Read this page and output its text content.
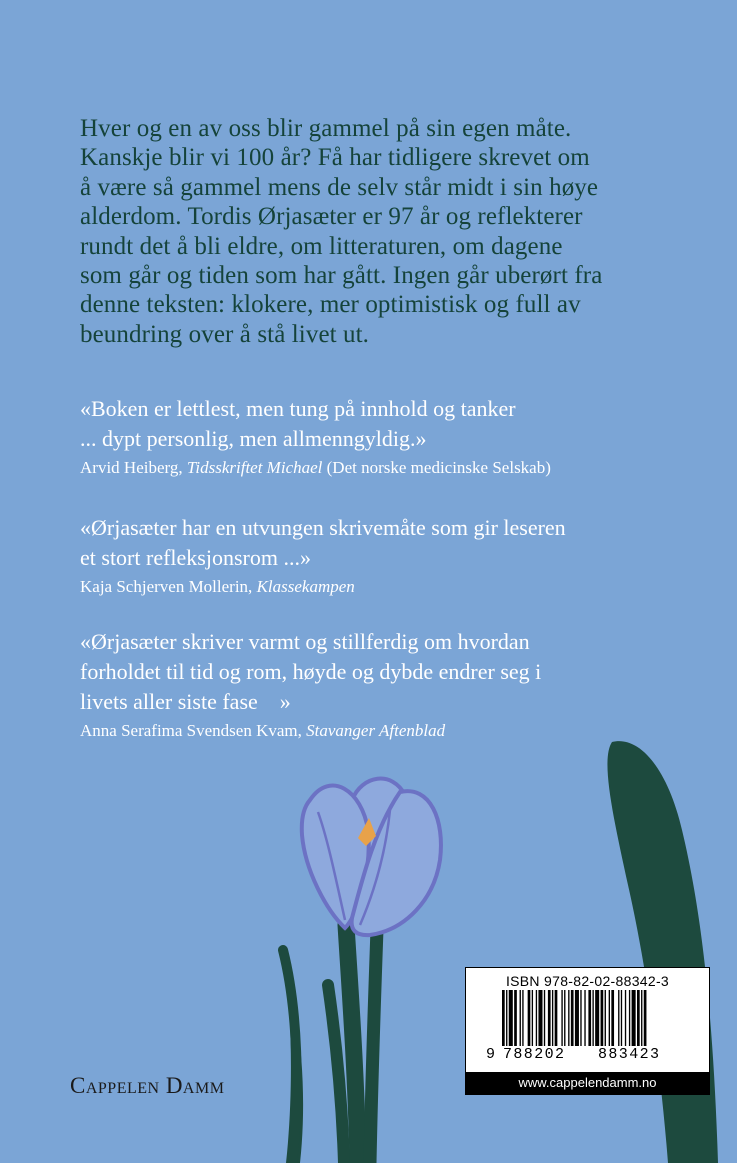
Hver og en av oss blir gammel på sin egen måte.
Kanskje blir vi 100 år? Få har tidligere skrevet om
å være så gammel mens de selv står midt i sin høye
alderdom. Tordis Ørjasæter er 97 år og reflekterer
rundt det å bli eldre, om litteraturen, om dagene
som går og tiden som har gått. Ingen går uberørt fra
denne teksten: klokere, mer optimistisk og full av
beundring over å stå livet ut.
«Boken er lettlest, men tung på innhold og tanker
... dypt personlig, men allmenngyldig.»
Arvid Heiberg, Tidsskriftet Michael (Det norske medicinske Selskab)
«Ørjasæter har en utvungen skrivemåte som gir leseren
et stort refleksjonsrom ...»
Kaja Schjerven Mollerin, Klassekampen
«Ørjasæter skriver varmt og stillferdig om hvordan
forholdet til tid og rom, høyde og dybde endrer seg i
livets aller siste fase    »
Anna Serafima Svendsen Kvam, Stavanger Aftenblad
Cappelen Damm
ISBN 978-82-02-88342-3
9 788202 883423
www.cappelendamm.no
